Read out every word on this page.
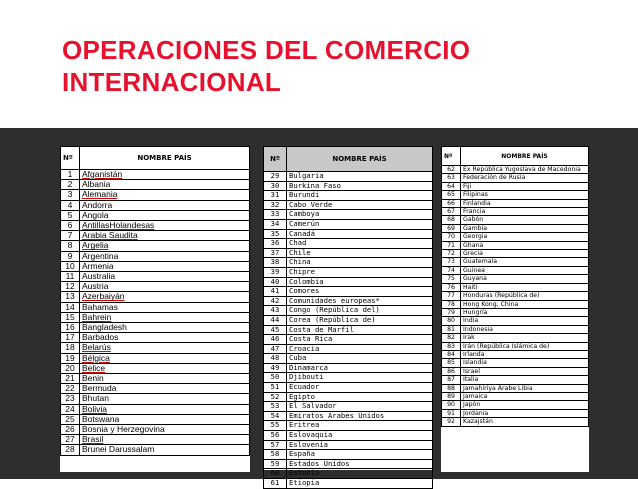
OPERACIONES DEL COMERCIO
INTERNACIONAL
Nº	NOMBRE PAÍS
1	Afganistán
2	Albania
3	Alemania
4	Andorra
5	Angola
6	AntillasHolandesas
7	Arabia Saudita
8	Argelia
9	Argentina
10	Armenia
11	Australia
12	Austria
13	Azerbaiyán
14	Bahamas
15	Bahrein
16	Bangladesh
17	Barbados
18	Belarús
19	Bélgica
20	Belice
21	Benin
22	Bermuda
23	Bhutan
24	Bolivia
25	Botswana
26	Bosnia y Herzegovina
27	Brasil
28	Brunei Darussalam
Nº	NOMBRE PAÍS
29	Bulgaria
30	Burkina Faso
31	Burundi
32	Cabo Verde
33	Camboya
34	Camerún
35	Canadá
36	Chad
37	Chile
38	China
39	Chipre
40	Colombia
41	Comores
42	Comunidades europeas*
43	Congo (República del)
44	Corea (República de)
45	Costa de Marfil
46	Costa Rica
47	Croacia
48	Cuba
49	Dinamarca
50	Djibouti
51	Ecuador
52	Egipto
53	El Salvador
54	Emiratos Árabes Unidos
55	Eritrea
56	Eslovaquia
57	Eslovenia
58	España
59	Estados Unidos
60	Estonia
61	Etiopía
Nº	NOMBRE PAÍS
62	Ex República Yugoslava de Macedonia
63	Federación de Rusia
64	Fiji
65	Filipinas
66	Finlandia
67	Francia
68	Gabón
69	Gambia
70	Georgia
71	Ghana
72	Grecia
73	Guatemala
74	Guinea
75	Guyana
76	Haití
77	Honduras (República de)
78	Hong Kong, China
79	Hungría
80	India
81	Indonesia
82	Irak
83	Irán (República Islámica de)
84	Irlanda
85	Islandia
86	Israel
87	Italia
88	Jamahiriya Árabe Libia
89	Jamaica
90	Japón
91	Jordania
92	Kazajstán
